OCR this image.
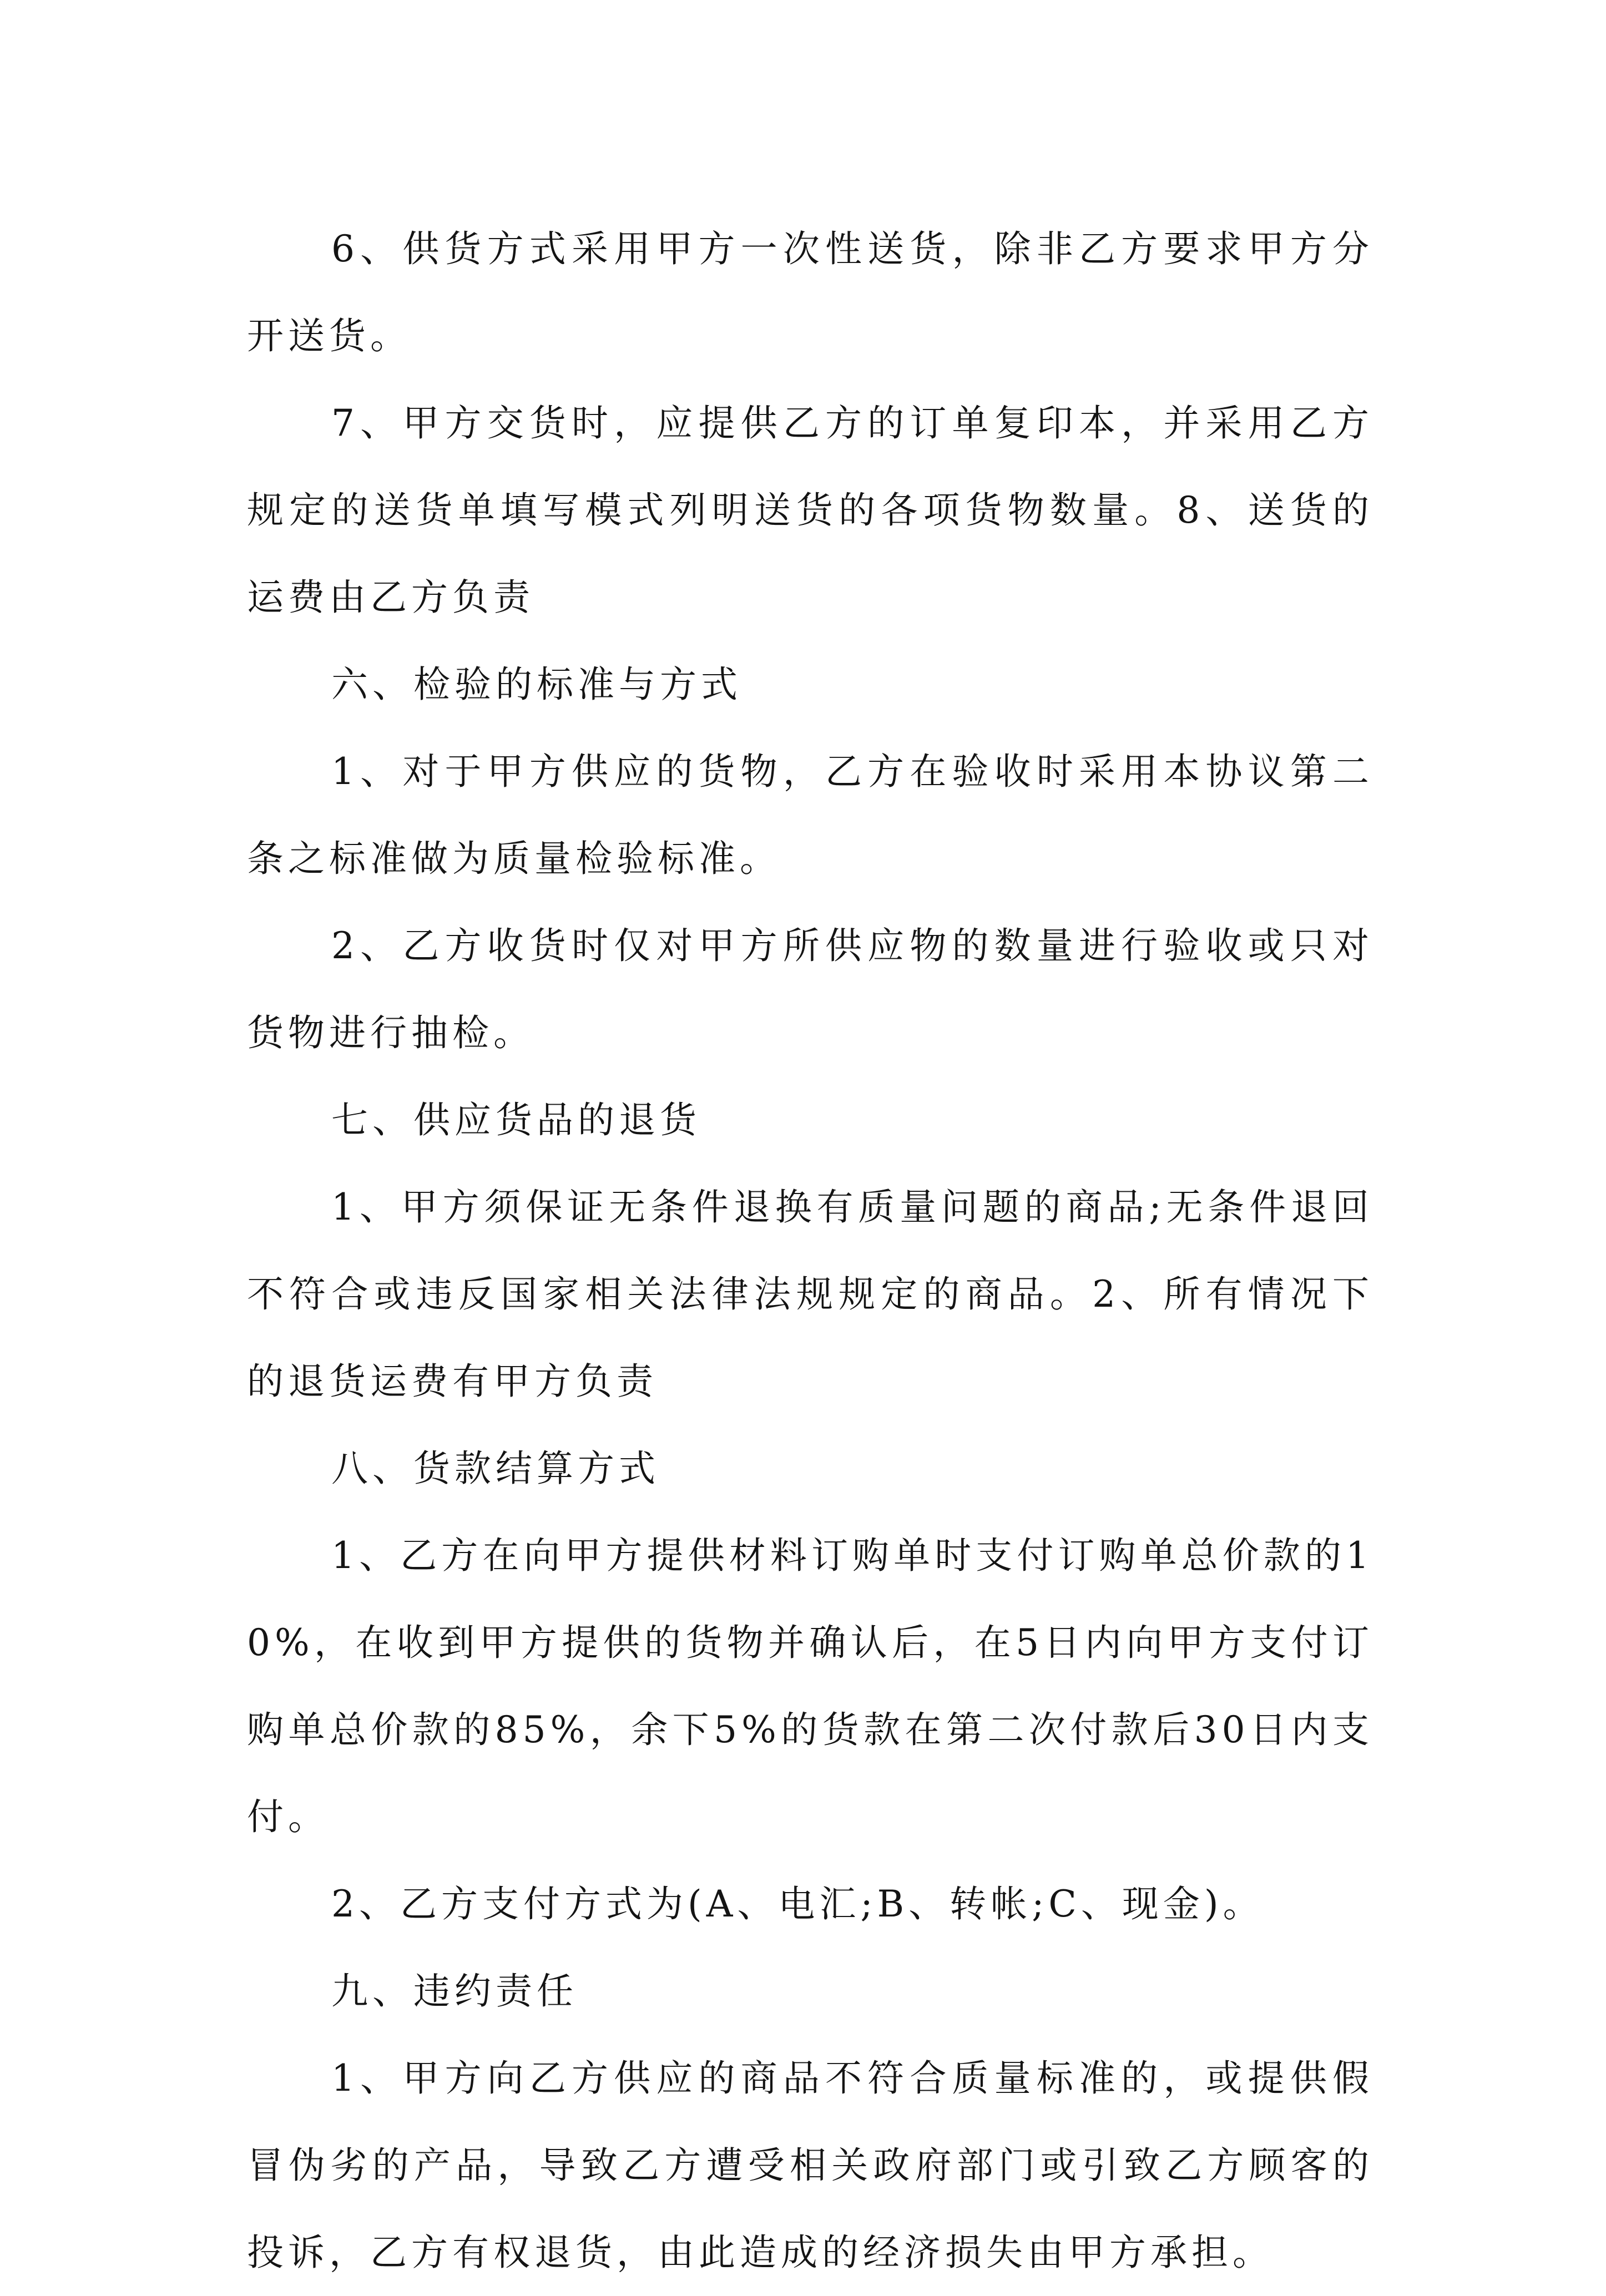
6、供货方式采用甲方一次性送货，除非乙方要求甲方分开送货。

7、甲方交货时，应提供乙方的订单复印本，并采用乙方规定的送货单填写模式列明送货的各项货物数量。8、送货的运费由乙方负责

六、检验的标准与方式

1、对于甲方供应的货物，乙方在验收时采用本协议第二条之标准做为质量检验标准。

2、乙方收货时仅对甲方所供应物的数量进行验收或只对货物进行抽检。

七、供应货品的退货

1、甲方须保证无条件退换有质量问题的商品;无条件退回不符合或违反国家相关法律法规规定的商品。2、所有情况下的退货运费有甲方负责

八、货款结算方式

1、乙方在向甲方提供材料订购单时支付订购单总价款的10%，在收到甲方提供的货物并确认后，在5日内向甲方支付订购单总价款的85%，余下5%的货款在第二次付款后30日内支付。

2、乙方支付方式为(A、电汇;B、转帐;C、现金)。

九、违约责任

1、甲方向乙方供应的商品不符合质量标准的，或提供假冒伪劣的产品，导致乙方遭受相关政府部门或引致乙方顾客的投诉，乙方有权退货，由此造成的经济损失由甲方承担。
